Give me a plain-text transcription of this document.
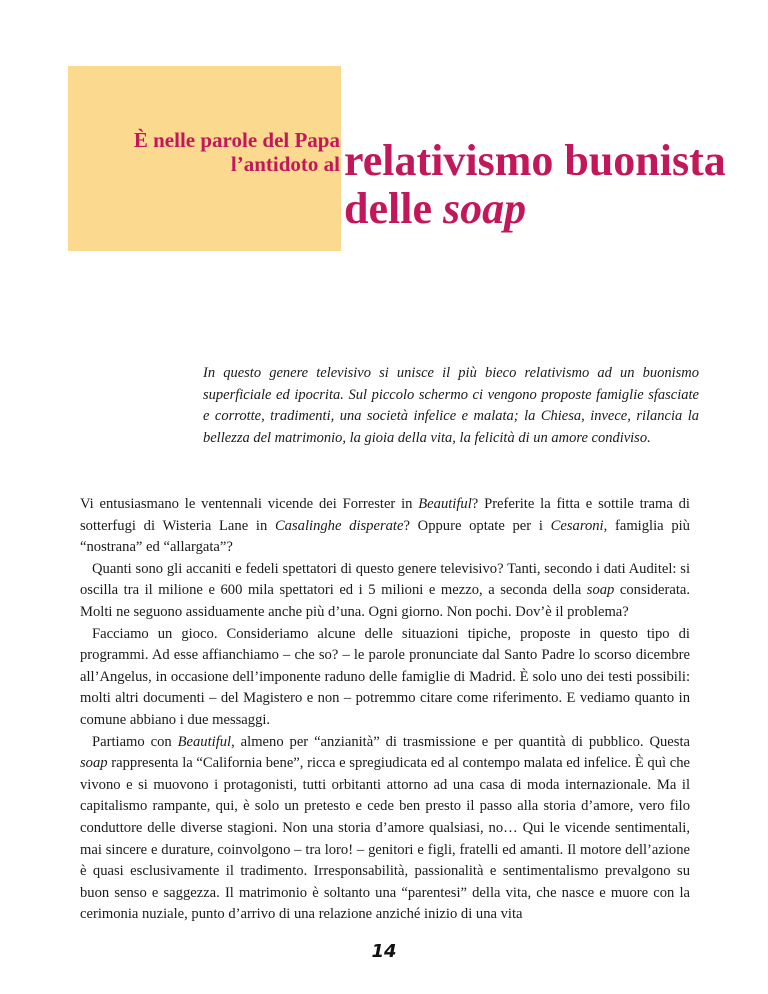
È nelle parole del Papa
l’antidoto al relativismo buonista
delle soap
In questo genere televisivo si unisce il più bieco relativismo ad un buonismo superficiale ed ipocrita. Sul piccolo schermo ci vengono proposte famiglie sfasciate e corrotte, tradimenti, una società infelice e malata; la Chiesa, invece, rilancia la bellezza del matrimonio, la gioia della vita, la felicità di un amore condiviso.

Vi entusiasmano le ventennali vicende dei Forrester in Beautiful? Preferite la fitta e sottile trama di sotterfugi di Wisteria Lane in Casalinghe disperate? Oppure optate per i Cesaroni, famiglia più “nostrana” ed “allargata”?

Quanti sono gli accaniti e fedeli spettatori di questo genere televisivo? Tanti, secondo i dati Auditel: si oscilla tra il milione e 600 mila spettatori ed i 5 milioni e mezzo, a seconda della soap considerata. Molti ne seguono assiduamente anche più d’una. Ogni giorno. Non pochi. Dov’è il problema?

Facciamo un gioco. Consideriamo alcune delle situazioni tipiche, proposte in questo tipo di programmi. Ad esse affianchiamo – che so? – le parole pronunciate dal Santo Padre lo scorso dicembre all’Angelus, in occasione dell’imponente raduno delle famiglie di Madrid. È solo uno dei testi possibili: molti altri documenti – del Magistero e non – potremmo citare come riferimento. E vediamo quanto in comune abbiano i due messaggi.

Partiamo con Beautiful, almeno per “anzianità” di trasmissione e per quantità di pubblico. Questa soap rappresenta la “California bene”, ricca e spregiudicata ed al contempo malata ed infelice. È quì che vivono e si muovono i protagonisti, tutti orbitanti attorno ad una casa di moda internazionale. Ma il capitalismo rampante, qui, è solo un pretesto e cede ben presto il passo alla storia d’amore, vero filo conduttore delle diverse stagioni. Non una storia d’amore qualsiasi, no… Qui le vicende sentimentali, mai sincere e durature, coinvolgono – tra loro! – genitori e figli, fratelli ed amanti. Il motore dell’azione è quasi esclusivamente il tradimento. Irresponsabilità, passionalità e sentimentalismo prevalgono su buon senso e saggezza. Il matrimonio è soltanto una “parentesi” della vita, che nasce e muore con la cerimonia nuziale, punto d’arrivo di una relazione anziché inizio di una vita

14
